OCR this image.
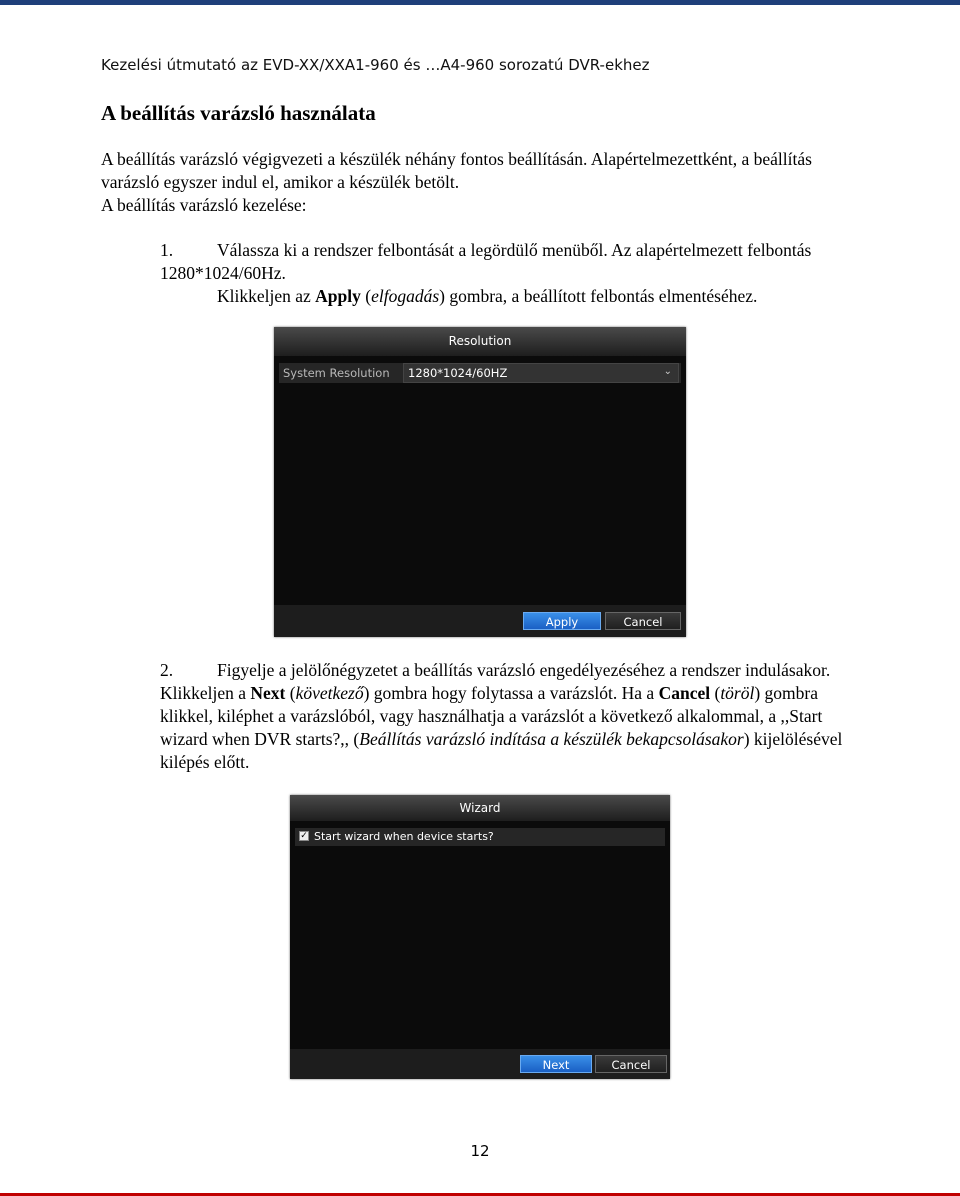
Kezelési útmutató az EVD-XX/XXA1-960 és …A4-960 sorozatú DVR-ekhez
A beállítás varázsló használata

A beállítás varázsló végigvezeti a készülék néhány fontos beállításán. Alapértelmezettként, a beállítás varázsló egyszer indul el, amikor a készülék betölt.
A beállítás varázsló kezelése:

1.	Válassza ki a rendszer felbontását a legördülő menüből. Az alapértelmezett felbontás 1280*1024/60Hz.
Klikkeljen az Apply (elfogadás) gombra, a beállított felbontás elmentéséhez.

Resolution
System Resolution 1280*1024/60HZ	⌄
Apply	Cancel

2.	Figyelje a jelölőnégyzetet a beállítás varázsló engedélyezéséhez a rendszer indulásakor. Klikkeljen a Next (következő) gombra hogy folytassa a varázslót. Ha a Cancel (töröl) gombra klikkel, kiléphet a varázslóból, vagy használhatja a varázslót a következő alkalommal, a ,,Start wizard when DVR starts?,, (Beállítás varázsló indítása a készülék bekapcsolásakor) kijelölésével kilépés előtt.

Wizard
✓ Start wizard when device starts?
Next	Cancel
12
